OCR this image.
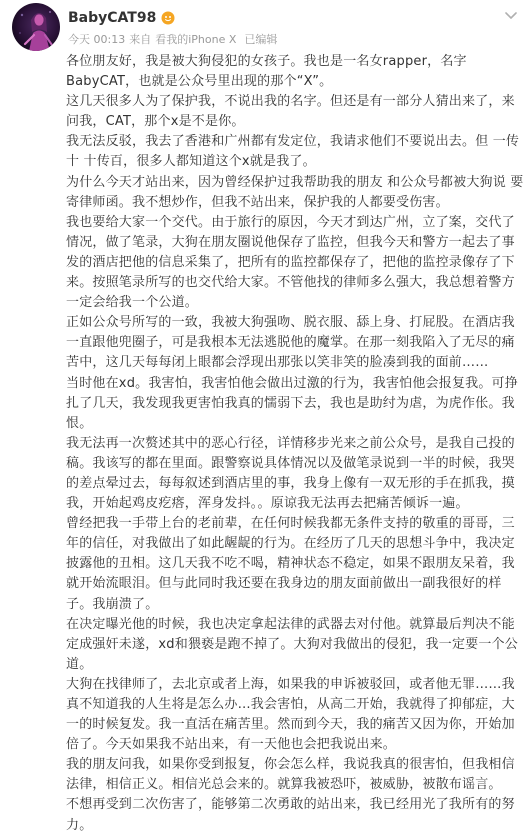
BabyCAT98
今天 00:13 来自 看我的iPhone X 已编辑
各位朋友好，我是被大狗侵犯的女孩子。我也是一名女rapper，名字
BabyCAT，也就是公众号里出现的那个“X”。
这几天很多人为了保护我，不说出我的名字。但还是有一部分人猜出来了，来
问我，CAT，那个x是不是你。
我无法反驳，我去了香港和广州都有发定位，我请求他们不要说出去。但 一传
十 十传百，很多人都知道这个x就是我了。
为什么今天才站出来，因为曾经保护过我帮助我的朋友 和公众号都被大狗说 要
寄律师函。我不想炒作，但我不站出来，保护我的人都要受伤害。
我也要给大家一个交代。由于旅行的原因，今天才到达广州，立了案，交代了
情况，做了笔录，大狗在朋友圈说他保存了监控，但我今天和警方一起去了事
发的酒店把他的信息采集了，把所有的监控都保存了，把他的监控录像存了下
来。按照笔录所写的也交代给大家。不管他找的律师多么强大，我总想着警方
一定会给我一个公道。
正如公众号所写的一致，我被大狗强吻、脱衣服、舔上身、打屁股。在酒店我
一直跟他兜圈子，可是我根本无法逃脱他的魔掌。在那一刻我陷入了无尽的痛
苦中，这几天每每闭上眼都会浮现出那张以笑非笑的脸凑到我的面前……
当时他在xd。我害怕，我害怕他会做出过激的行为，我害怕他会报复我。可挣
扎了几天，我发现我更害怕我真的懦弱下去，我也是助纣为虐，为虎作伥。我
恨。
我无法再一次赘述其中的恶心行径，详情移步光来之前公众号，是我自己投的
稿。我该写的都在里面。跟警察说具体情况以及做笔录说到一半的时候，我哭
的差点晕过去，每每叙述到酒店里的事，我身上像有一双无形的手在抓我，摸
我，开始起鸡皮疙瘩，浑身发抖。。原谅我无法再去把痛苦倾诉一遍。
曾经把我一手带上台的老前辈，在任何时候我都无条件支持的敬重的哥哥，三
年的信任，对我做出了如此龌龊的行为。在经历了几天的思想斗争中，我决定
披露他的丑相。这几天我不吃不喝，精神状态不稳定，如果不跟朋友呆着，我
就开始流眼泪。但与此同时我还要在我身边的朋友面前做出一副我很好的样
子。我崩溃了。
在决定曝光他的时候，我也决定拿起法律的武器去对付他。就算最后判决不能
定成强奸未遂，xd和猥亵是跑不掉了。大狗对我做出的侵犯，我一定要一个公
道。
大狗在找律师了，去北京或者上海，如果我的申诉被驳回，或者他无罪……我
真不知道我的人生将是怎么办…我会害怕，从高二开始，我就得了抑郁症，大
一的时候复发。我一直活在痛苦里。然而到今天，我的痛苦又因为你，开始加
倍了。今天如果我不站出来，有一天他也会把我说出来。
我的朋友问我，如果你受到报复，你会怎么样，我说我真的很害怕，但我相信
法律，相信正义。相信光总会来的。就算我被恐吓，被威胁，被散布谣言。
不想再受到二次伤害了，能够第二次勇敢的站出来，我已经用光了我所有的努
力。
